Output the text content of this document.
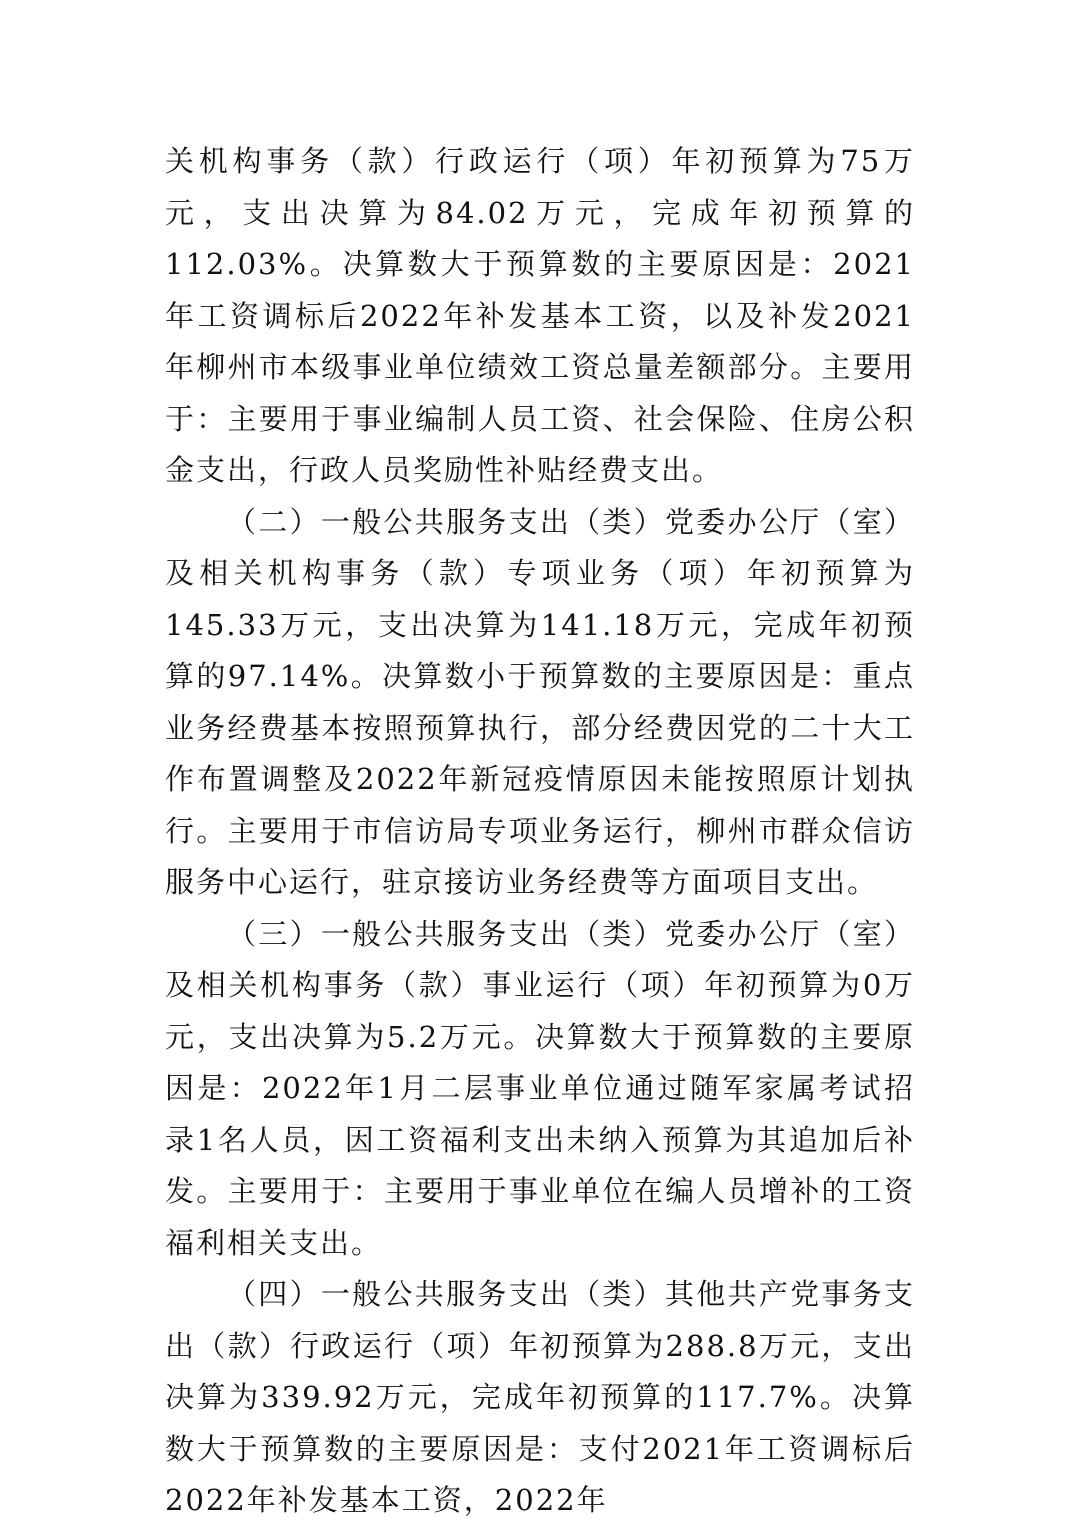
关机构事务（款）行政运行（项）年初预算为75万元，支出决算为84.02万元，完成年初预算的112.03%。决算数大于预算数的主要原因是：2021年工资调标后2022年补发基本工资，以及补发2021年柳州市本级事业单位绩效工资总量差额部分。主要用于：主要用于事业编制人员工资、社会保险、住房公积金支出，行政人员奖励性补贴经费支出。

（二）一般公共服务支出（类）党委办公厅（室）及相关机构事务（款）专项业务（项）年初预算为145.33万元，支出决算为141.18万元，完成年初预算的97.14%。决算数小于预算数的主要原因是：重点业务经费基本按照预算执行，部分经费因党的二十大工作布置调整及2022年新冠疫情原因未能按照原计划执行。主要用于市信访局专项业务运行，柳州市群众信访服务中心运行，驻京接访业务经费等方面项目支出。

（三）一般公共服务支出（类）党委办公厅（室）及相关机构事务（款）事业运行（项）年初预算为0万元，支出决算为5.2万元。决算数大于预算数的主要原因是：2022年1月二层事业单位通过随军家属考试招录1名人员，因工资福利支出未纳入预算为其追加后补发。主要用于：主要用于事业单位在编人员增补的工资福利相关支出。

（四）一般公共服务支出（类）其他共产党事务支出（款）行政运行（项）年初预算为288.8万元，支出决算为339.92万元，完成年初预算的117.7%。决算数大于预算数的主要原因是：支付2021年工资调标后2022年补发基本工资，2022年
